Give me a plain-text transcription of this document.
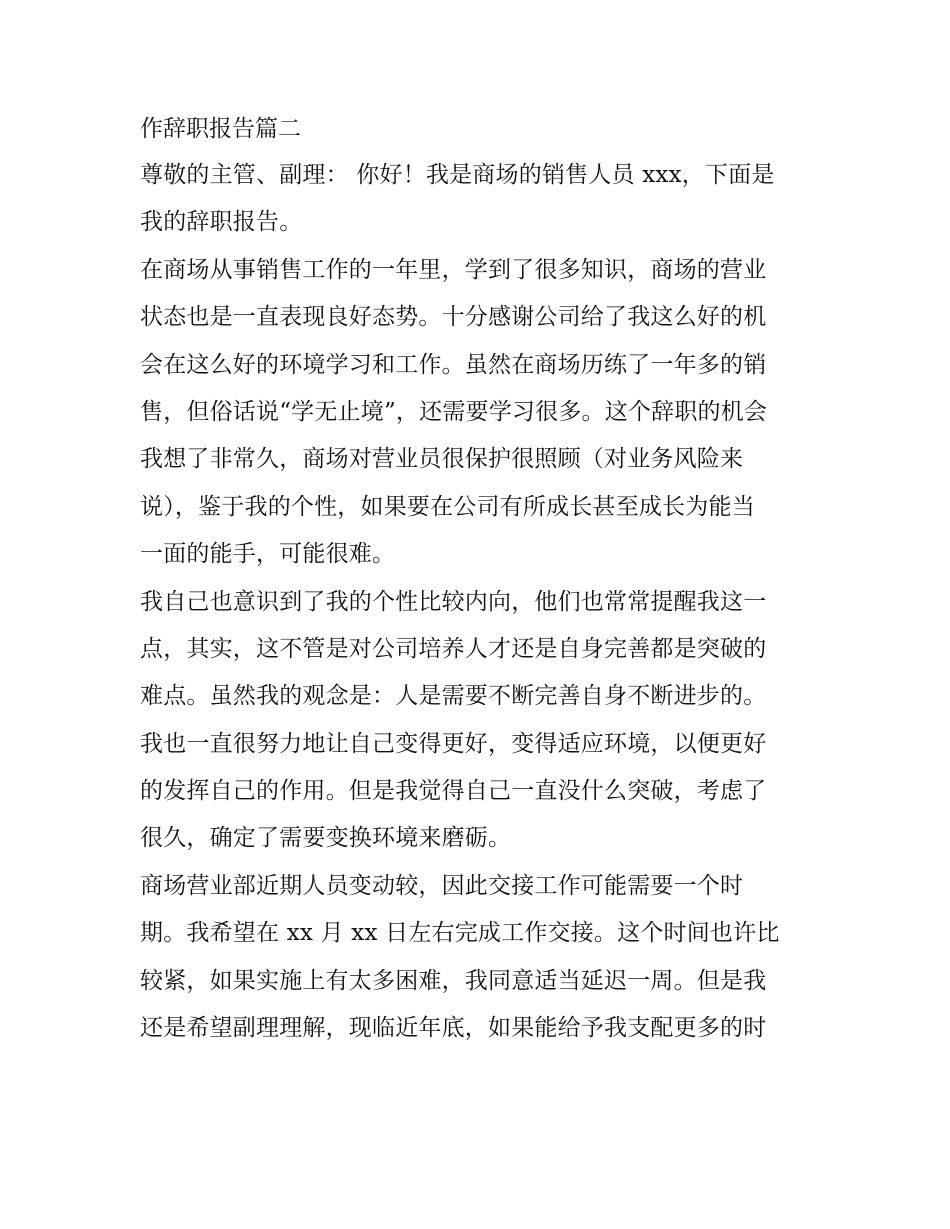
作辞职报告篇二
尊敬的主管、副理： 你好！我是商场的销售人员 xxx，下面是
我的辞职报告。
在商场从事销售工作的一年里，学到了很多知识，商场的营业
状态也是一直表现良好态势。十分感谢公司给了我这么好的机
会在这么好的环境学习和工作。虽然在商场历练了一年多的销
售，但俗话说“学无止境”，还需要学习很多。这个辞职的机会
我想了非常久，商场对营业员很保护很照顾（对业务风险来
说），鉴于我的个性，如果要在公司有所成长甚至成长为能当
一面的能手，可能很难。
我自己也意识到了我的个性比较内向，他们也常常提醒我这一
点，其实，这不管是对公司培养人才还是自身完善都是突破的
难点。虽然我的观念是：人是需要不断完善自身不断进步的。
我也一直很努力地让自己变得更好，变得适应环境，以便更好
的发挥自己的作用。但是我觉得自己一直没什么突破，考虑了
很久，确定了需要变换环境来磨砺。
商场营业部近期人员变动较，因此交接工作可能需要一个时
期。我希望在 xx 月 xx 日左右完成工作交接。这个时间也许比
较紧，如果实施上有太多困难，我同意适当延迟一周。但是我
还是希望副理理解，现临近年底，如果能给予我支配更多的时
